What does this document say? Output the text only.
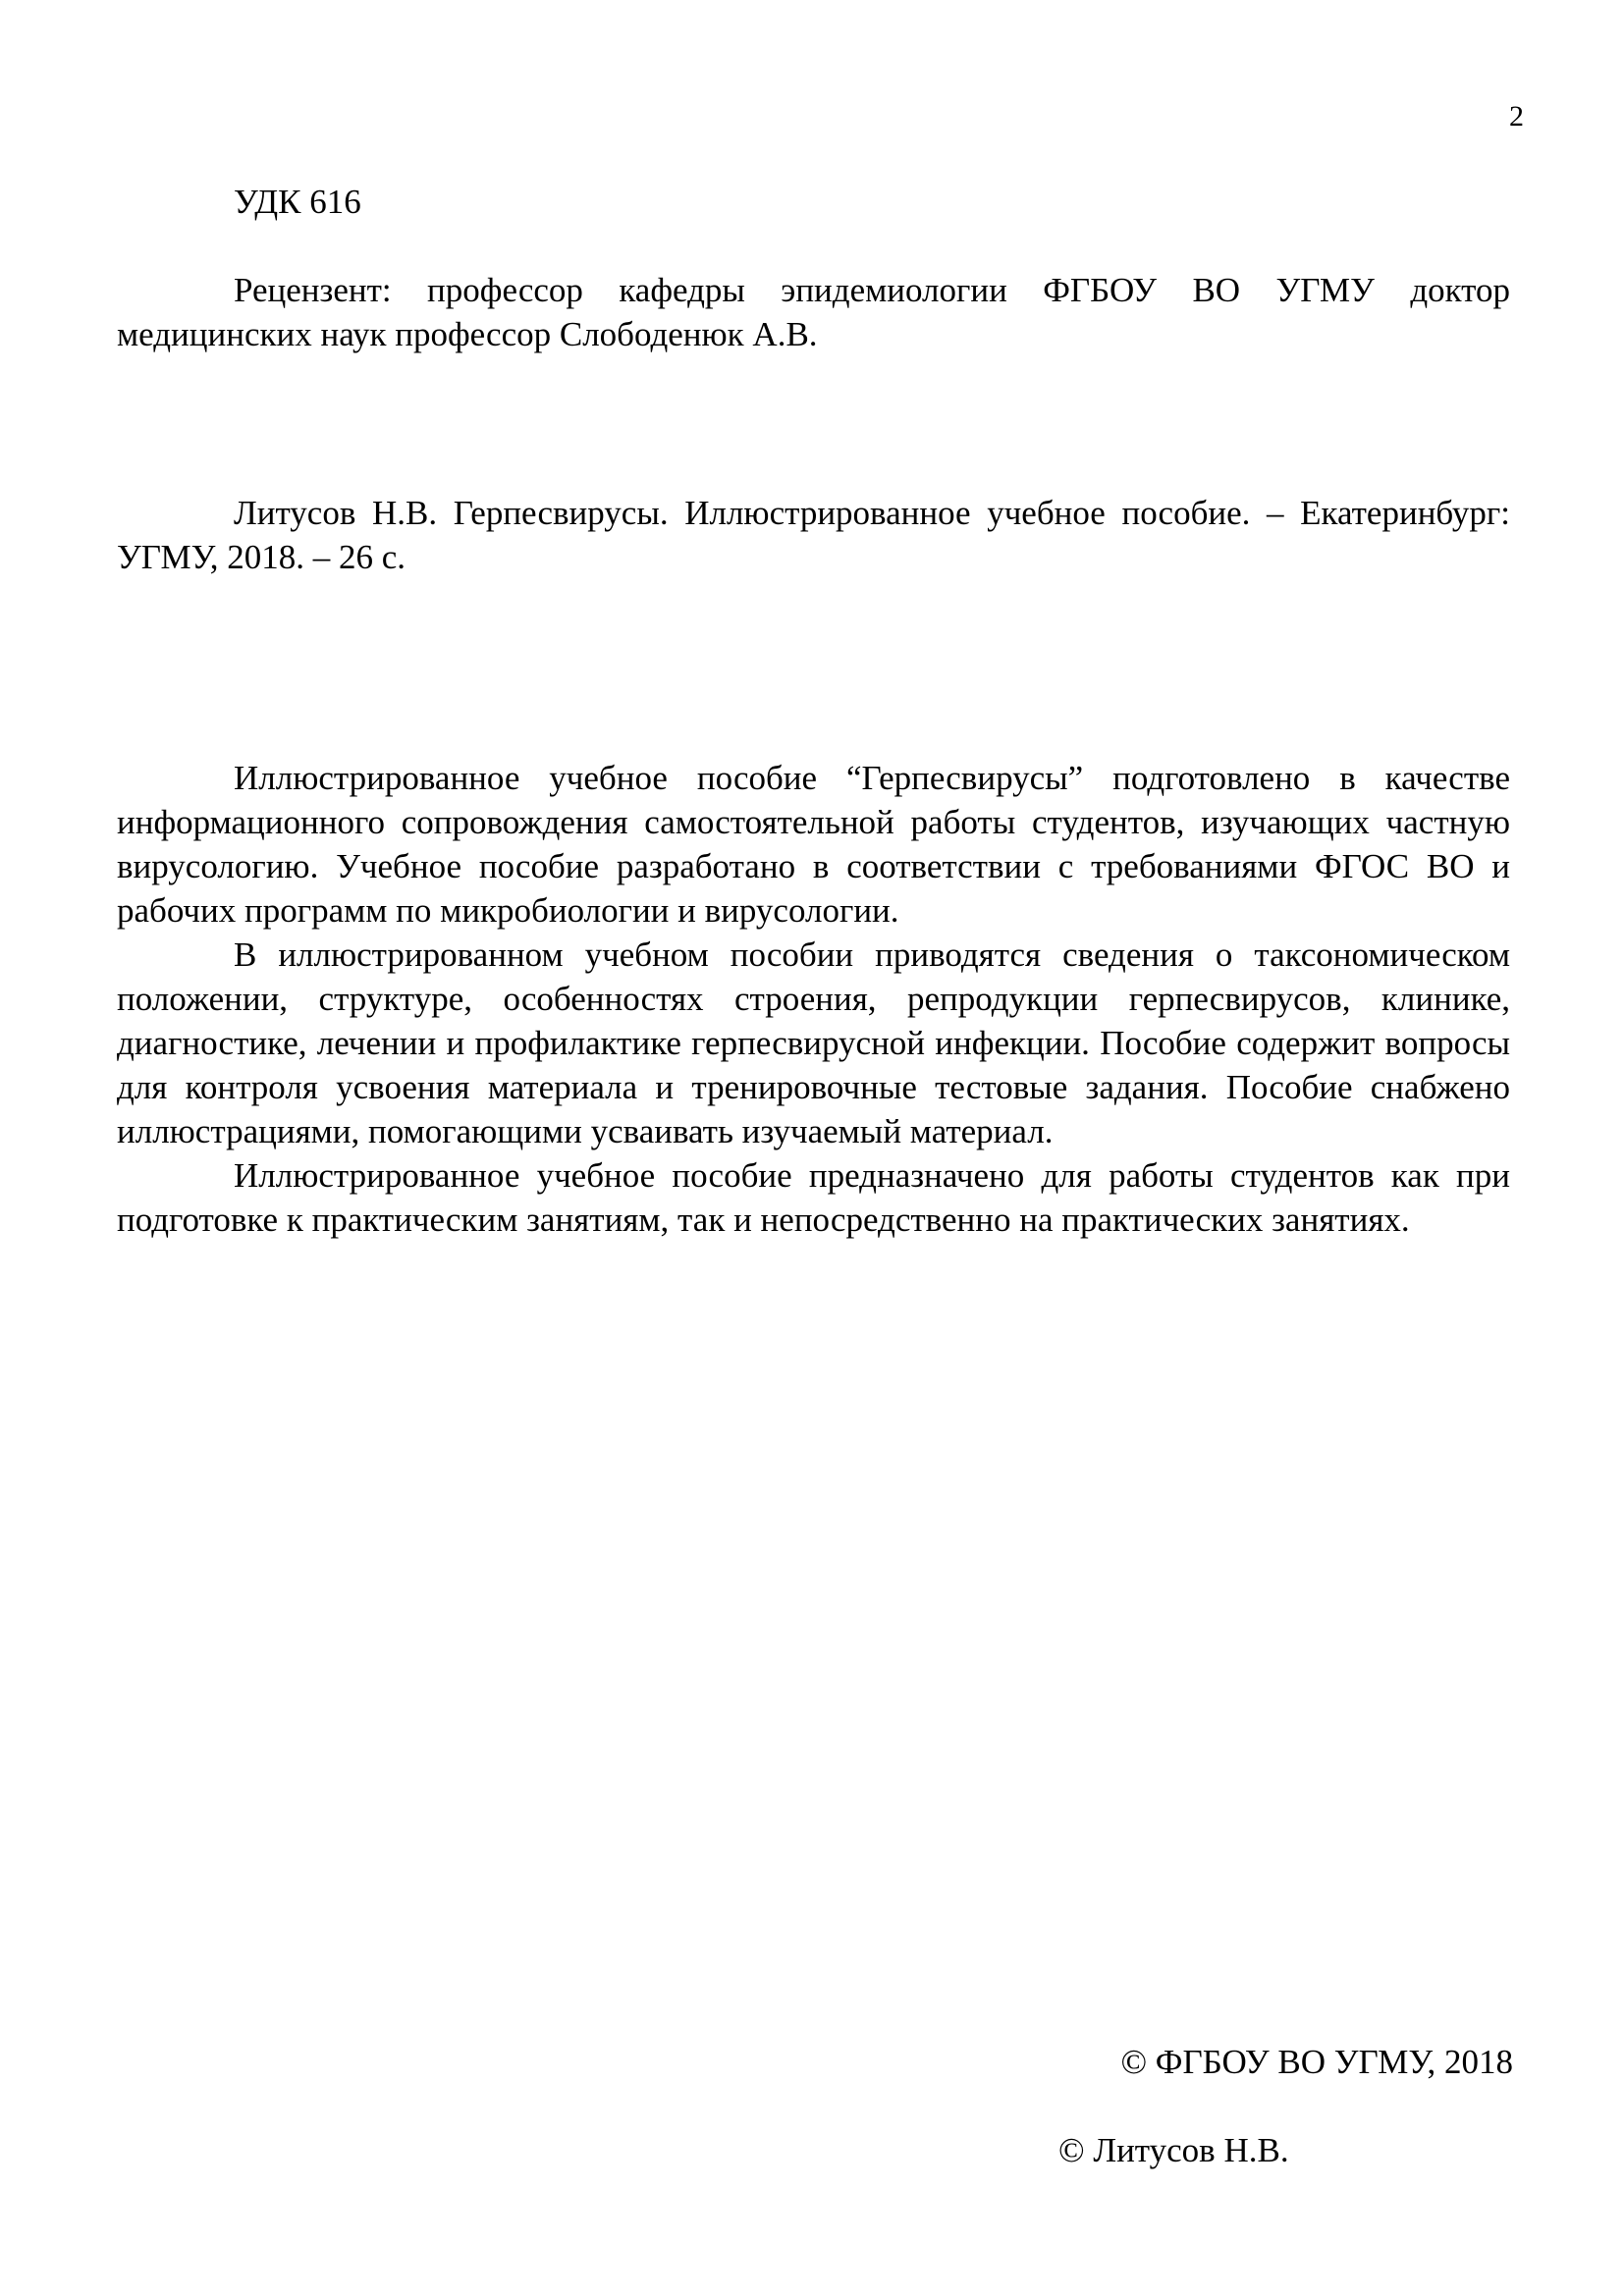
2
УДК 616

Рецензент: профессор кафедры эпидемиологии ФГБОУ ВО УГМУ доктор медицинских наук профессор Слободенюк А.В.

Литусов Н.В. Герпесвирусы. Иллюстрированное учебное пособие. – Екатеринбург: УГМУ, 2018. – 26 с.

Иллюстрированное учебное пособие “Герпесвирусы” подготовлено в качестве информационного сопровождения самостоятельной работы студентов, изучающих частную вирусологию. Учебное пособие разработано в соответствии с требованиями ФГОС ВО и рабочих программ по микробиологии и вирусологии.

В иллюстрированном учебном пособии приводятся сведения о таксономическом положении, структуре, особенностях строения, репродукции герпесвирусов, клинике, диагностике, лечении и профилактике герпесвирусной инфекции. Пособие содержит вопросы для контроля усвоения материала и тренировочные тестовые задания. Пособие снабжено иллюстрациями, помогающими усваивать изучаемый материал.

Иллюстрированное учебное пособие предназначено для работы студентов как при подготовке к практическим занятиям, так и непосредственно на практических занятиях.

© ФГБОУ ВО УГМУ, 2018
© Литусов Н.В.
